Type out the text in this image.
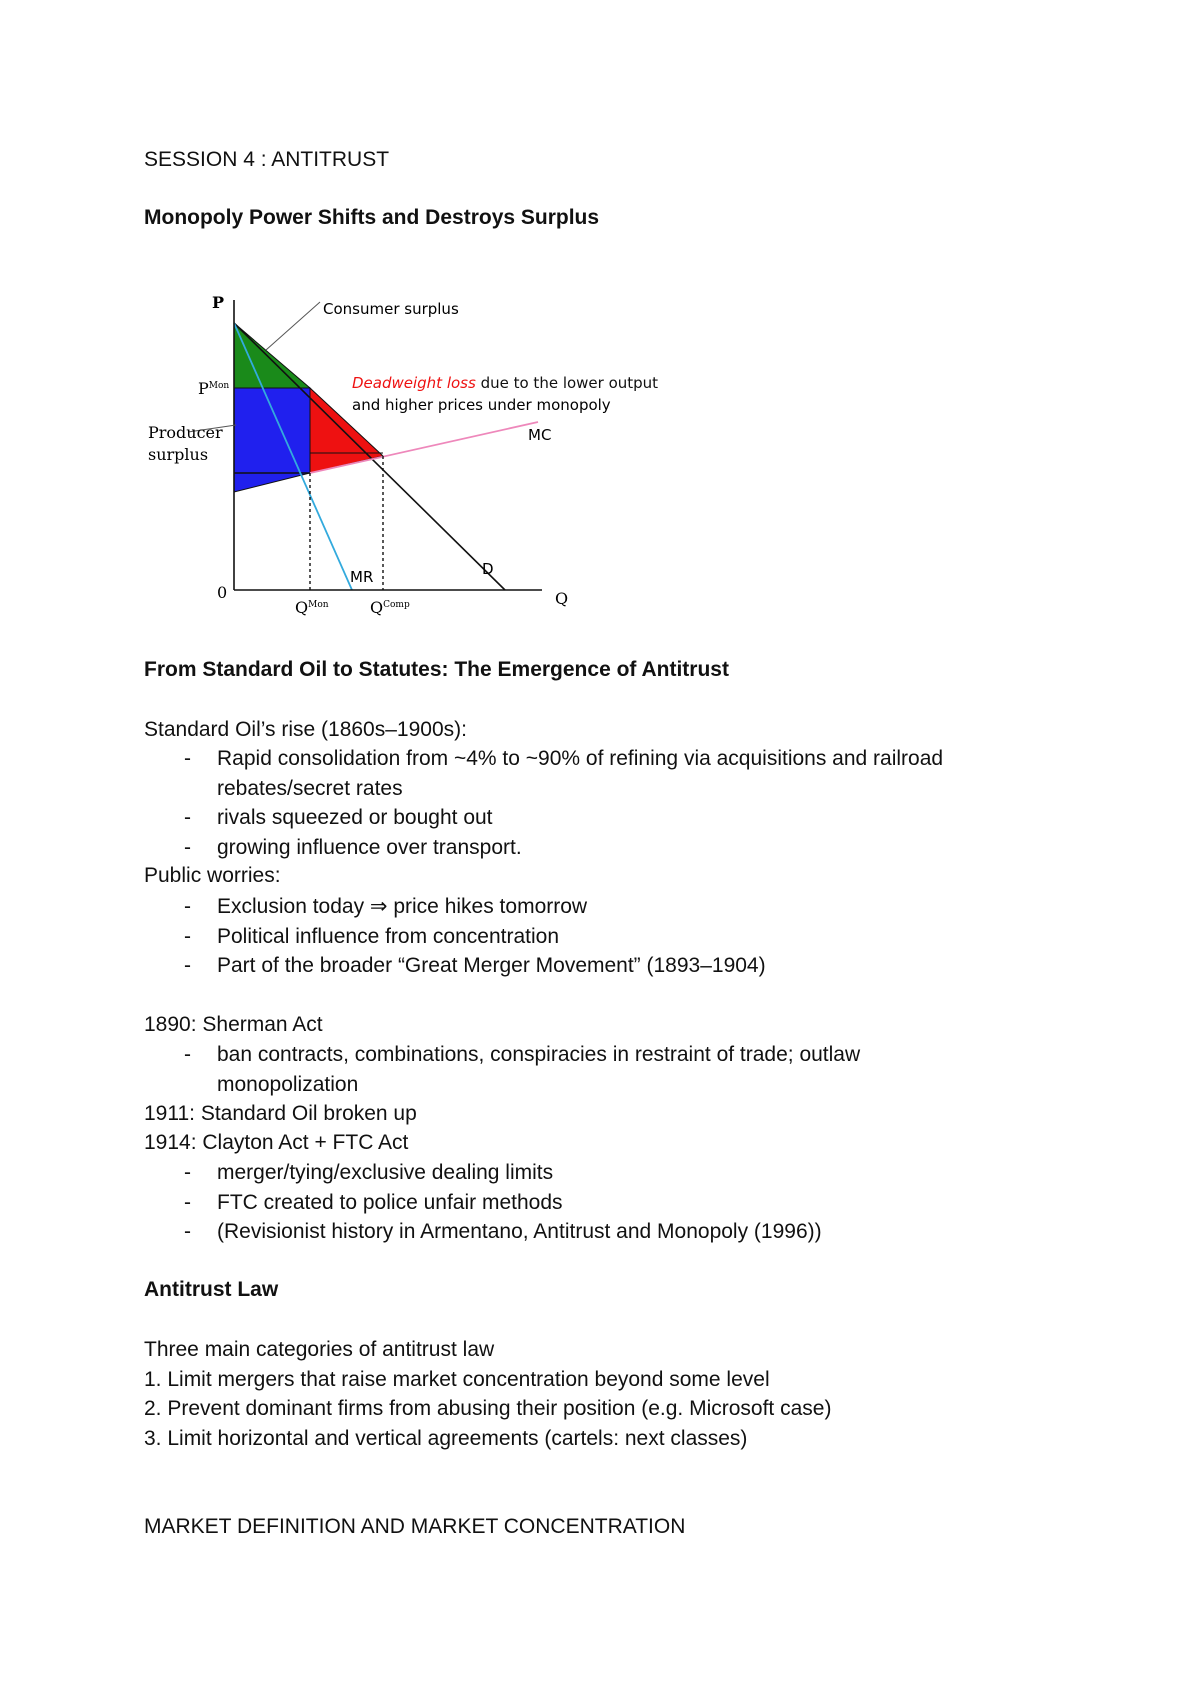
SESSION 4 : ANTITRUST
Monopoly Power Shifts and Destroys Surplus
P
Q
0
$P^{Mon}$
$Q^{Mon}$	$Q^{Comp}$
Consumer surplus
Producer
surplus
Deadweight loss due to the lower output
and higher prices under monopoly
MC
MR	D
From Standard Oil to Statutes: The Emergence of Antitrust
Standard Oil’s rise (1860s–1900s):
- Rapid consolidation from ~4% to ~90% of refining via acquisitions and railroad
rebates/secret rates
- rivals squeezed or bought out
- growing influence over transport.
Public worries:
- Exclusion today ⇒ price hikes tomorrow
- Political influence from concentration
- Part of the broader “Great Merger Movement” (1893–1904)
1890: Sherman Act
- ban contracts, combinations, conspiracies in restraint of trade; outlaw
monopolization
1911: Standard Oil broken up
1914: Clayton Act + FTC Act
- merger/tying/exclusive dealing limits
- FTC created to police unfair methods
- (Revisionist history in Armentano, Antitrust and Monopoly (1996))
Antitrust Law
Three main categories of antitrust law
1. Limit mergers that raise market concentration beyond some level
2. Prevent dominant firms from abusing their position (e.g. Microsoft case)
3. Limit horizontal and vertical agreements (cartels: next classes)
MARKET DEFINITION AND MARKET CONCENTRATION
